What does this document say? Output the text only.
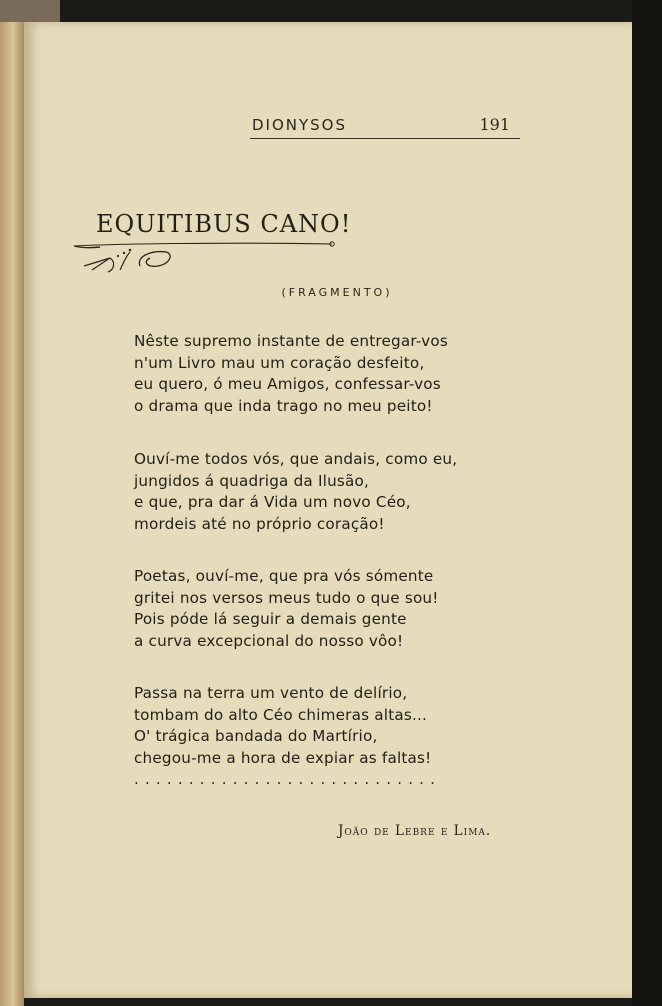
DIONYSOS	191
EQUITIBUS CANO!
(FRAGMENTO)
Nêste supremo instante de entregar-vos
n'um Livro mau um coração desfeito,
eu quero, ó meu Amigos, confessar-vos
o drama que inda trago no meu peito!
Ouví-me todos vós, que andais, como eu,
jungidos á quadriga da Ilusão,
e que, pra dar á Vida um novo Céo,
mordeis até no próprio coração!
Poetas, ouví-me, que pra vós sómente
gritei nos versos meus tudo o que sou!
Pois póde lá seguir a demais gente
a curva excepcional do nosso vôo!
Passa na terra um vento de delírio,
tombam do alto Céo chimeras altas...
O' trágica bandada do Martírio,
chegou-me a hora de expiar as faltas!
............................
João de Lebre e Lima.
